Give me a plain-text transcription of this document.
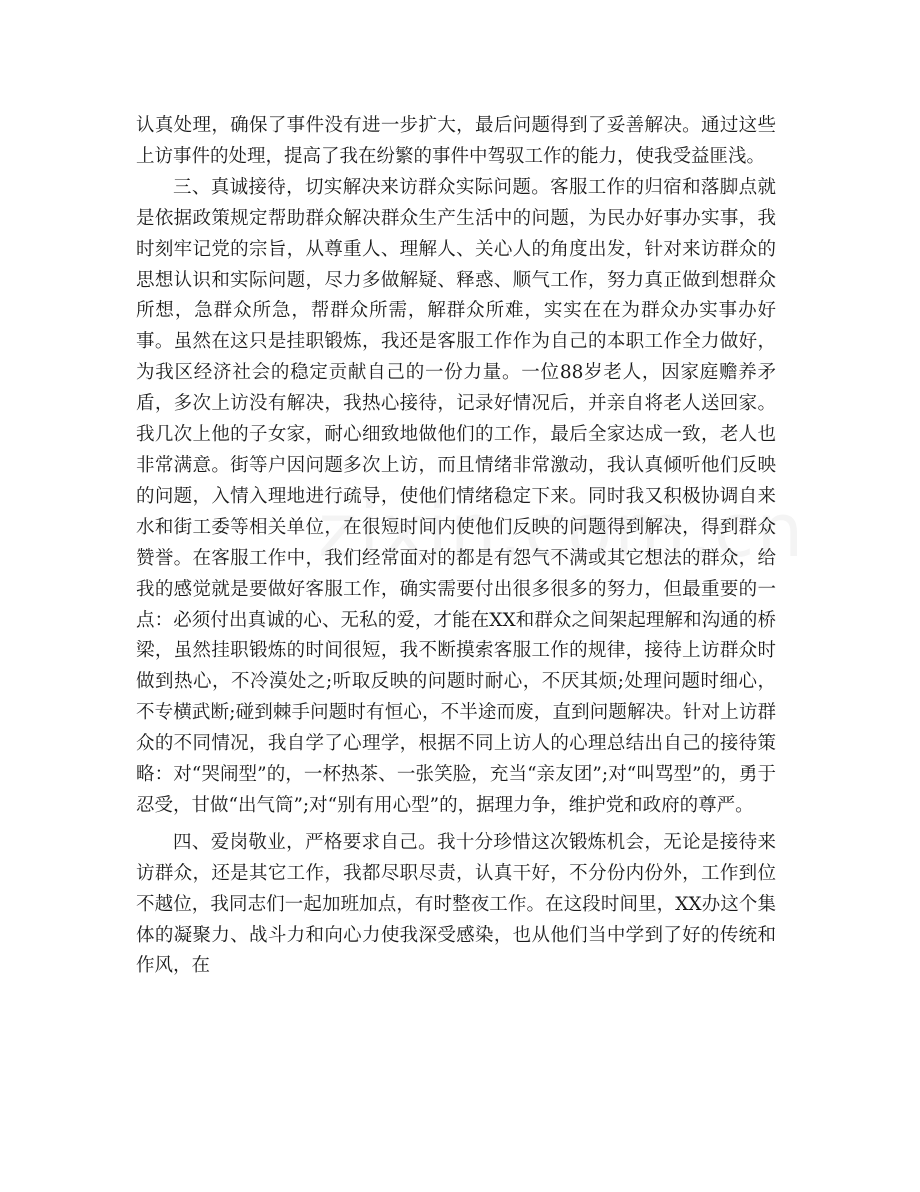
认真处理，确保了事件没有进一步扩大，最后问题得到了妥善解决。通过这些上访事件的处理，提高了我在纷繁的事件中驾驭工作的能力，使我受益匪浅。

三、真诚接待，切实解决来访群众实际问题。客服工作的归宿和落脚点就是依据政策规定帮助群众解决群众生产生活中的问题，为民办好事办实事，我时刻牢记党的宗旨，从尊重人、理解人、关心人的角度出发，针对来访群众的思想认识和实际问题，尽力多做解疑、释惑、顺气工作，努力真正做到想群众所想，急群众所急，帮群众所需，解群众所难，实实在在为群众办实事办好事。虽然在这只是挂职锻炼，我还是客服工作作为自己的本职工作全力做好，为我区经济社会的稳定贡献自己的一份力量。一位88岁老人，因家庭赡养矛盾，多次上访没有解决，我热心接待，记录好情况后，并亲自将老人送回家。我几次上他的子女家，耐心细致地做他们的工作，最后全家达成一致，老人也非常满意。街等户因问题多次上访，而且情绪非常激动，我认真倾听他们反映的问题，入情入理地进行疏导，使他们情绪稳定下来。同时我又积极协调自来水和街工委等相关单位，在很短时间内使他们反映的问题得到解决，得到群众赞誉。在客服工作中，我们经常面对的都是有怨气不满或其它想法的群众，给我的感觉就是要做好客服工作，确实需要付出很多很多的努力，但最重要的一点：必须付出真诚的心、无私的爱，才能在XX和群众之间架起理解和沟通的桥梁，虽然挂职锻炼的时间很短，我不断摸索客服工作的规律，接待上访群众时做到热心，不冷漠处之;听取反映的问题时耐心，不厌其烦;处理问题时细心，不专横武断;碰到棘手问题时有恒心，不半途而废，直到问题解决。针对上访群众的不同情况，我自学了心理学，根据不同上访人的心理总结出自己的接待策略：对“哭闹型”的，一杯热茶、一张笑脸，充当“亲友团”;对“叫骂型”的，勇于忍受，甘做“出气筒”;对“别有用心型”的，据理力争，维护党和政府的尊严。

四、爱岗敬业，严格要求自己。我十分珍惜这次锻炼机会，无论是接待来访群众，还是其它工作，我都尽职尽责，认真干好，不分份内份外，工作到位不越位，我同志们一起加班加点，有时整夜工作。在这段时间里，XX办这个集体的凝聚力、战斗力和向心力使我深受感染，也从他们当中学到了好的传统和作风，在
